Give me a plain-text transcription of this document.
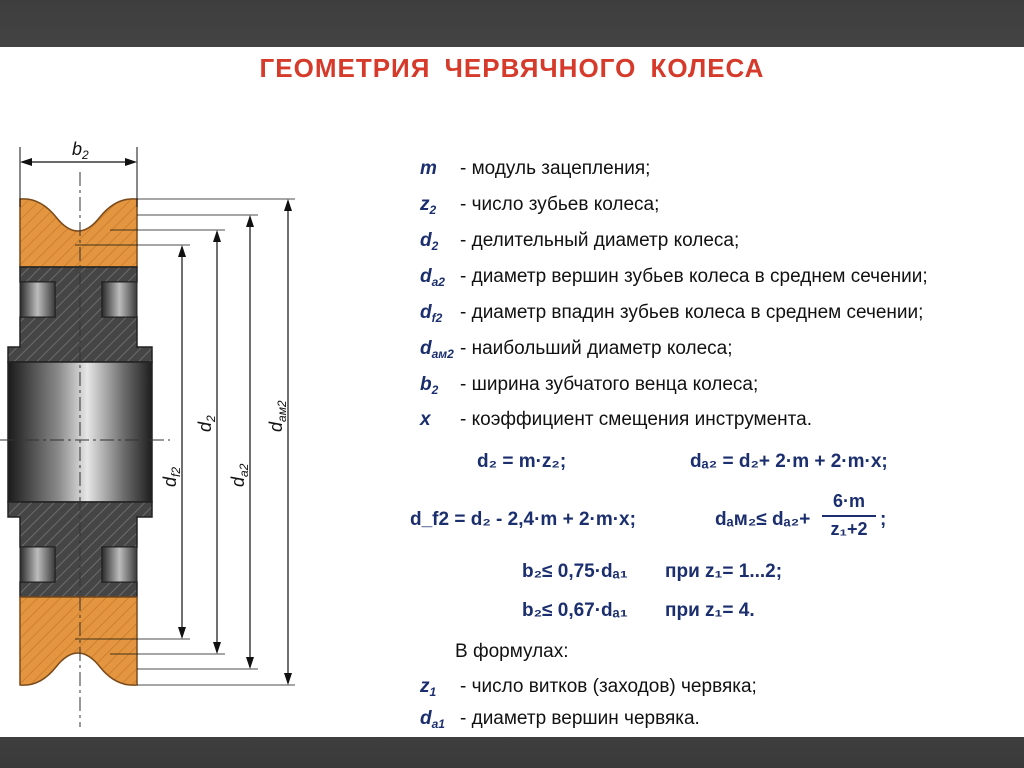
ГЕОМЕТРИЯ ЧЕРВЯЧНОГО КОЛЕСА
$b_2$
$d_{f2}$
$d_2$
$d_{a2}$
$d_{aм2}$
m - модуль зацепления;
$z_2$ - число зубьев колеса;
$d_2$ - делительный диаметр колеса;
$d_{a2}$ - диаметр вершин зубьев колеса в среднем сечении;
$d_{f2}$ - диаметр впадин зубьев колеса в среднем сечении;
$d_{aм2}$ - наибольший диаметр колеса;
$b_2$ - ширина зубчатого венца колеса;
x - коэффициент смещения инструмента.
d₂ = m·z₂;	dₐ₂ = d₂+ 2·m + 2·m·x;
d_f2 = d₂ - 2,4·m + 2·m·x;	dₐм₂≤ dₐ₂+
6·m
z₁+2 ;
b₂≤ 0,75·dₐ₁ при z₁= 1...2;
b₂≤ 0,67·dₐ₁ при z₁= 4.
В формулах:
$z_1$ - число витков (заходов) червяка;
$d_{a1}$ - диаметр вершин червяка.
